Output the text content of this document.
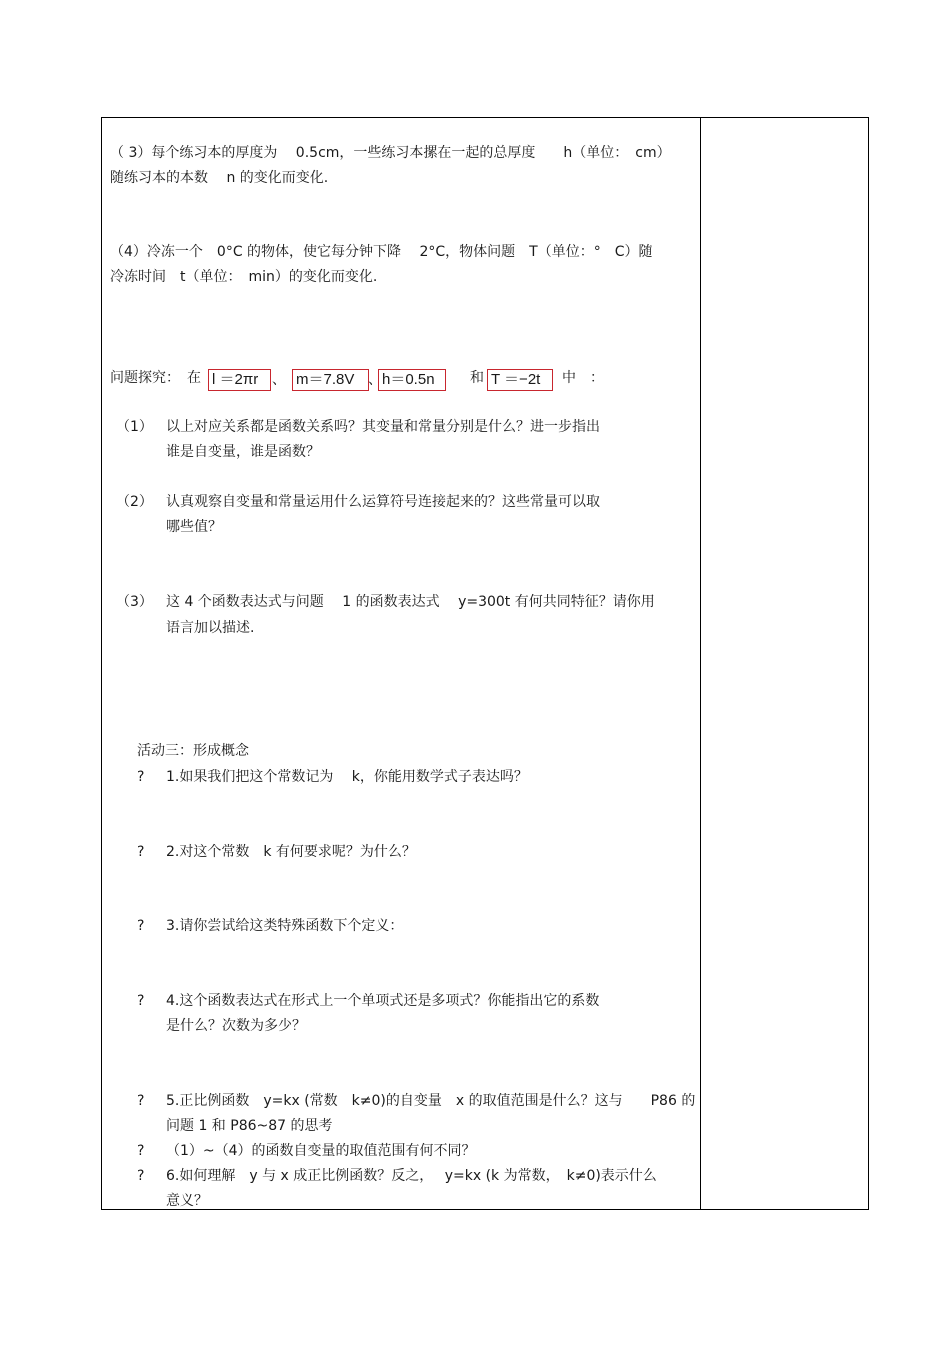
（ 3）每个练习本的厚度为　 0.5cm，一些练习本摞在一起的总厚度　　h（单位：　cm）
随练习本的本数　 n 的变化而变化.
（4）冷冻一个　0°C 的物体，使它每分钟下降　 2°C，物体问题　T（单位：°　C）随
冷冻时间　t（单位：　min）的变化而变化.
问题探究：　在 l ＝2πr 、 m＝7.8V 、 h＝0.5n	和 T ＝−2t	中　：
（1） 以上对应关系都是函数关系吗？其变量和常量分别是什么？进一步指出
谁是自变量，谁是函数？
（2） 认真观察自变量和常量运用什么运算符号连接起来的？这些常量可以取
哪些值？
（3） 这 4 个函数表达式与问题　 1 的函数表达式　 y=300t 有何共同特征？请你用
语言加以描述.
活动三：形成概念
? 1.如果我们把这个常数记为　 k，你能用数学式子表达吗？
? 2.对这个常数　k 有何要求呢？为什么？
? 3.请你尝试给这类特殊函数下个定义：
? 4.这个函数表达式在形式上一个单项式还是多项式？你能指出它的系数
是什么？次数为多少？
? 5.正比例函数　y=kx (常数　k≠0)的自变量　x 的取值范围是什么？这与　　P86 的
问题 1 和 P86~87 的思考
? （1）~（4）的函数自变量的取值范围有何不同？
? 6.如何理解　y 与 x 成正比例函数？反之，　 y=kx (k 为常数，　k≠0)表示什么
意义？
